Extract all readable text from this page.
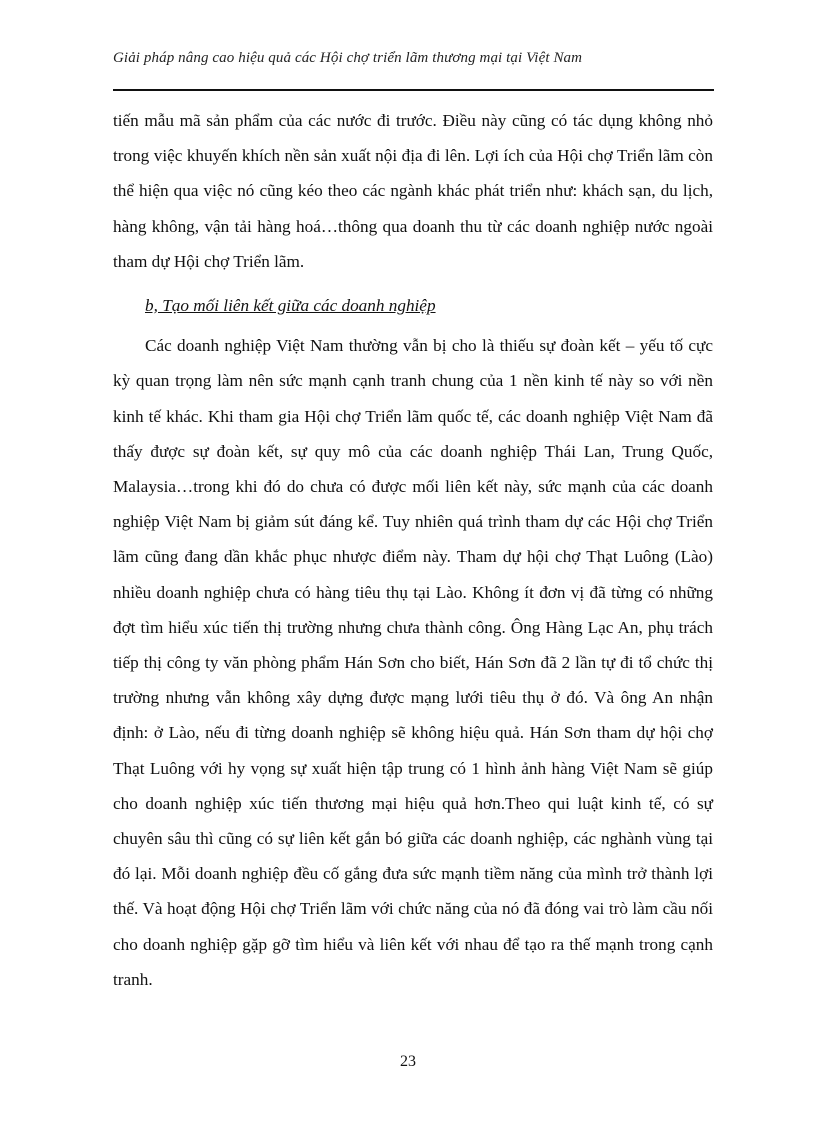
Giải pháp nâng cao hiệu quả các Hội chợ triển lãm thương mại tại Việt Nam

tiến mẫu mã sản phẩm của các nước đi trước. Điều này cũng có tác dụng không nhỏ trong việc khuyến khích nền sản xuất nội địa đi lên. Lợi ích của Hội chợ Triển lãm còn thể hiện qua việc nó cũng kéo theo các ngành khác phát triển như: khách sạn, du lịch, hàng không, vận tải hàng hoá…thông qua doanh thu từ các doanh nghiệp nước ngoài tham dự Hội chợ Triển lãm.

b, Tạo mối liên kết giữa các doanh nghiệp

Các doanh nghiệp Việt Nam thường vẫn bị cho là thiếu sự đoàn kết – yếu tố cực kỳ quan trọng làm nên sức mạnh cạnh tranh chung của 1 nền kinh tế này so với nền kinh tế khác. Khi tham gia Hội chợ Triển lãm quốc tế, các doanh nghiệp Việt Nam đã thấy được sự đoàn kết, sự quy mô của các doanh nghiệp Thái Lan, Trung Quốc, Malaysia…trong khi đó do chưa có được mối liên kết này, sức mạnh của các doanh nghiệp Việt Nam bị giảm sút đáng kể. Tuy nhiên quá trình tham dự các Hội chợ Triển lãm cũng đang dần khắc phục nhược điểm này. Tham dự hội chợ Thạt Luông (Lào) nhiều doanh nghiệp chưa có hàng tiêu thụ tại Lào. Không ít đơn vị đã từng có những đợt tìm hiểu xúc tiến thị trường nhưng chưa thành công. Ông Hàng Lạc An, phụ trách tiếp thị công ty văn phòng phẩm Hán Sơn cho biết, Hán Sơn đã 2 lần tự đi tổ chức thị trường nhưng vẫn không xây dựng được mạng lưới tiêu thụ ở đó. Và ông An nhận định: ở Lào, nếu đi từng doanh nghiệp sẽ không hiệu quả. Hán Sơn tham dự hội chợ Thạt Luông với hy vọng sự xuất hiện tập trung có 1 hình ảnh hàng Việt Nam sẽ giúp cho doanh nghiệp xúc tiến thương mại hiệu quả hơn.Theo qui luật kinh tế, có sự chuyên sâu thì cũng có sự liên kết gắn bó giữa các doanh nghiệp, các nghành vùng tại đó lại. Mỗi doanh nghiệp đều cố gắng đưa sức mạnh tiềm năng của mình trở thành lợi thế. Và hoạt động Hội chợ Triển lãm với chức năng của nó đã đóng vai trò làm cầu nối cho doanh nghiệp gặp gỡ tìm hiểu và liên kết với nhau để tạo ra thế mạnh trong cạnh tranh.

23
